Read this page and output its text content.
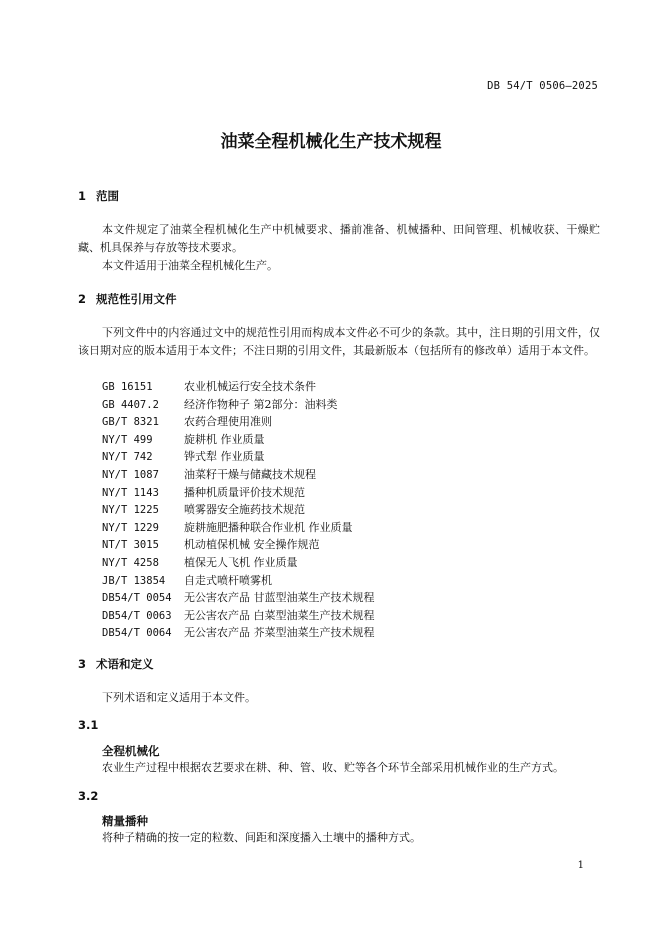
DB 54/T 0506—2025
油菜全程机械化生产技术规程
1 范围
本文件规定了油菜全程机械化生产中机械要求、播前准备、机械播种、田间管理、机械收获、干燥贮藏、机具保养与存放等技术要求。
本文件适用于油菜全程机械化生产。
2 规范性引用文件
下列文件中的内容通过文中的规范性引用而构成本文件必不可少的条款。其中，注日期的引用文件，仅该日期对应的版本适用于本文件；不注日期的引用文件，其最新版本（包括所有的修改单）适用于本文件。
GB 16151	农业机械运行安全技术条件
GB 4407.2 经济作物种子 第2部分：油料类
GB/T 8321 农药合理使用准则
NY/T 499	旋耕机 作业质量
NY/T 742	铧式犁 作业质量
NY/T 1087 油菜籽干燥与储藏技术规程
NY/T 1143 播种机质量评价技术规范
NY/T 1225 喷雾器安全施药技术规范
NY/T 1229 旋耕施肥播种联合作业机 作业质量
NT/T 3015 机动植保机械 安全操作规范
NY/T 4258 植保无人飞机 作业质量
JB/T 13854 自走式喷杆喷雾机
DB54/T 0054 无公害农产品 甘蓝型油菜生产技术规程
DB54/T 0063 无公害农产品 白菜型油菜生产技术规程
DB54/T 0064 无公害农产品 芥菜型油菜生产技术规程
3 术语和定义
下列术语和定义适用于本文件。
3.1
全程机械化
农业生产过程中根据农艺要求在耕、种、管、收、贮等各个环节全部采用机械作业的生产方式。
3.2
精量播种
将种子精确的按一定的粒数、间距和深度播入土壤中的播种方式。
1
